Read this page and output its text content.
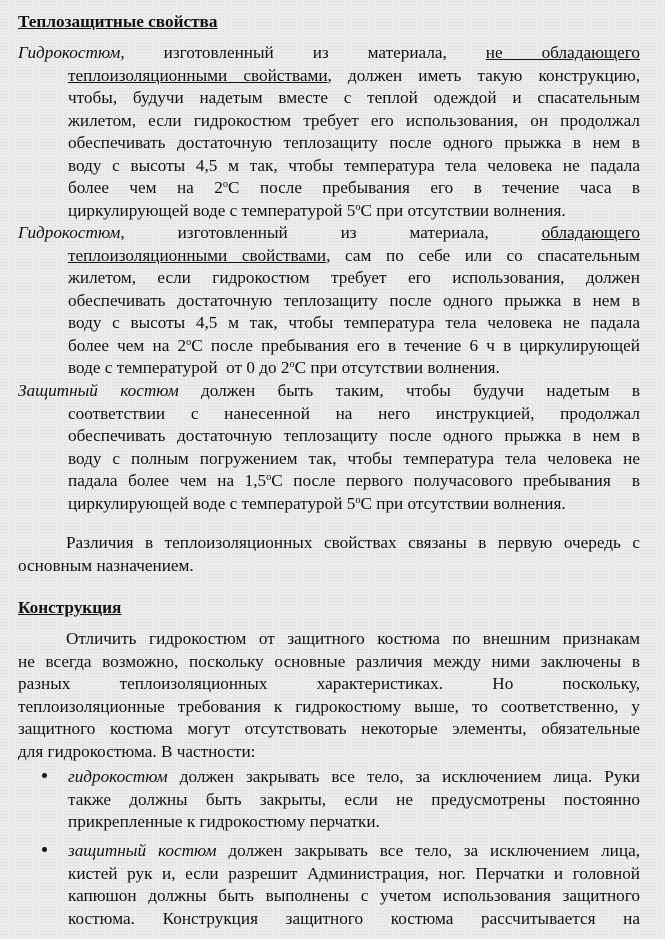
Теплозащитные свойства
Гидрокостюм,     изготовленный     из     материала,     не     обладающего
теплоизоляционными свойствами, должен иметь такую конструкцию,
чтобы, будучи надетым вместе с теплой одеждой и спасательным
жилетом, если гидрокостюм требует его использования, он продолжал
обеспечивать достаточную теплозащиту после одного прыжка в нем в
воду с высоты 4,5 м так, чтобы температура тела человека не падала
более   чем   на   2$^o$С   после   пребывания   его   в   течение   часа   в
циркулирующей воде с температурой 5$^o$С при отсутствии волнения.
Гидрокостюм,     изготовленный     из     материала,     обладающего
теплоизоляционными свойствами, сам по себе или со спасательным
жилетом, если гидрокостюм требует его использования, должен
обеспечивать достаточную теплозащиту после одного прыжка в нем в
воду с высоты 4,5 м так, чтобы температура тела человека не падала
более чем на 2$^o$С после пребывания его в течение 6 ч в циркулирующей
воде с температурой  от 0 до 2$^o$С при отсутствии волнения.
Защитный костюм должен быть таким, чтобы будучи надетым в
соответствии с нанесенной на него инструкцией, продолжал
обеспечивать достаточную теплозащиту после одного прыжка в нем в
воду с полным погружением так, чтобы температура тела человека не
падала более чем на 1,5$^o$С после первого получасового пребывания  в
циркулирующей воде с температурой 5$^o$С при отсутствии волнения.
Различия в теплоизоляционных свойствах связаны в первую очередь с
основным назначением.
Конструкция
Отличить гидрокостюм от защитного костюма по внешним признакам
не всегда возможно, поскольку основные различия между ними заключены в
разных теплоизоляционных характеристиках. Но поскольку,
теплоизоляционные требования к гидрокостюму выше, то соответственно, у
защитного костюма могут отсутствовать некоторые элементы, обязательные
для гидрокостюма. В частности:
гидрокостюм должен закрывать все тело, за исключением лица. Руки
также должны быть закрыты, если не предусмотрены постоянно
прикрепленные к гидрокостюму перчатки.
защитный костюм должен закрывать все тело, за исключением лица,
кистей рук и, если разрешит Администрация, ног. Перчатки и головной
капюшон должны быть выполнены с учетом использования защитного
костюма. Конструкция защитного костюма рассчитывается на
